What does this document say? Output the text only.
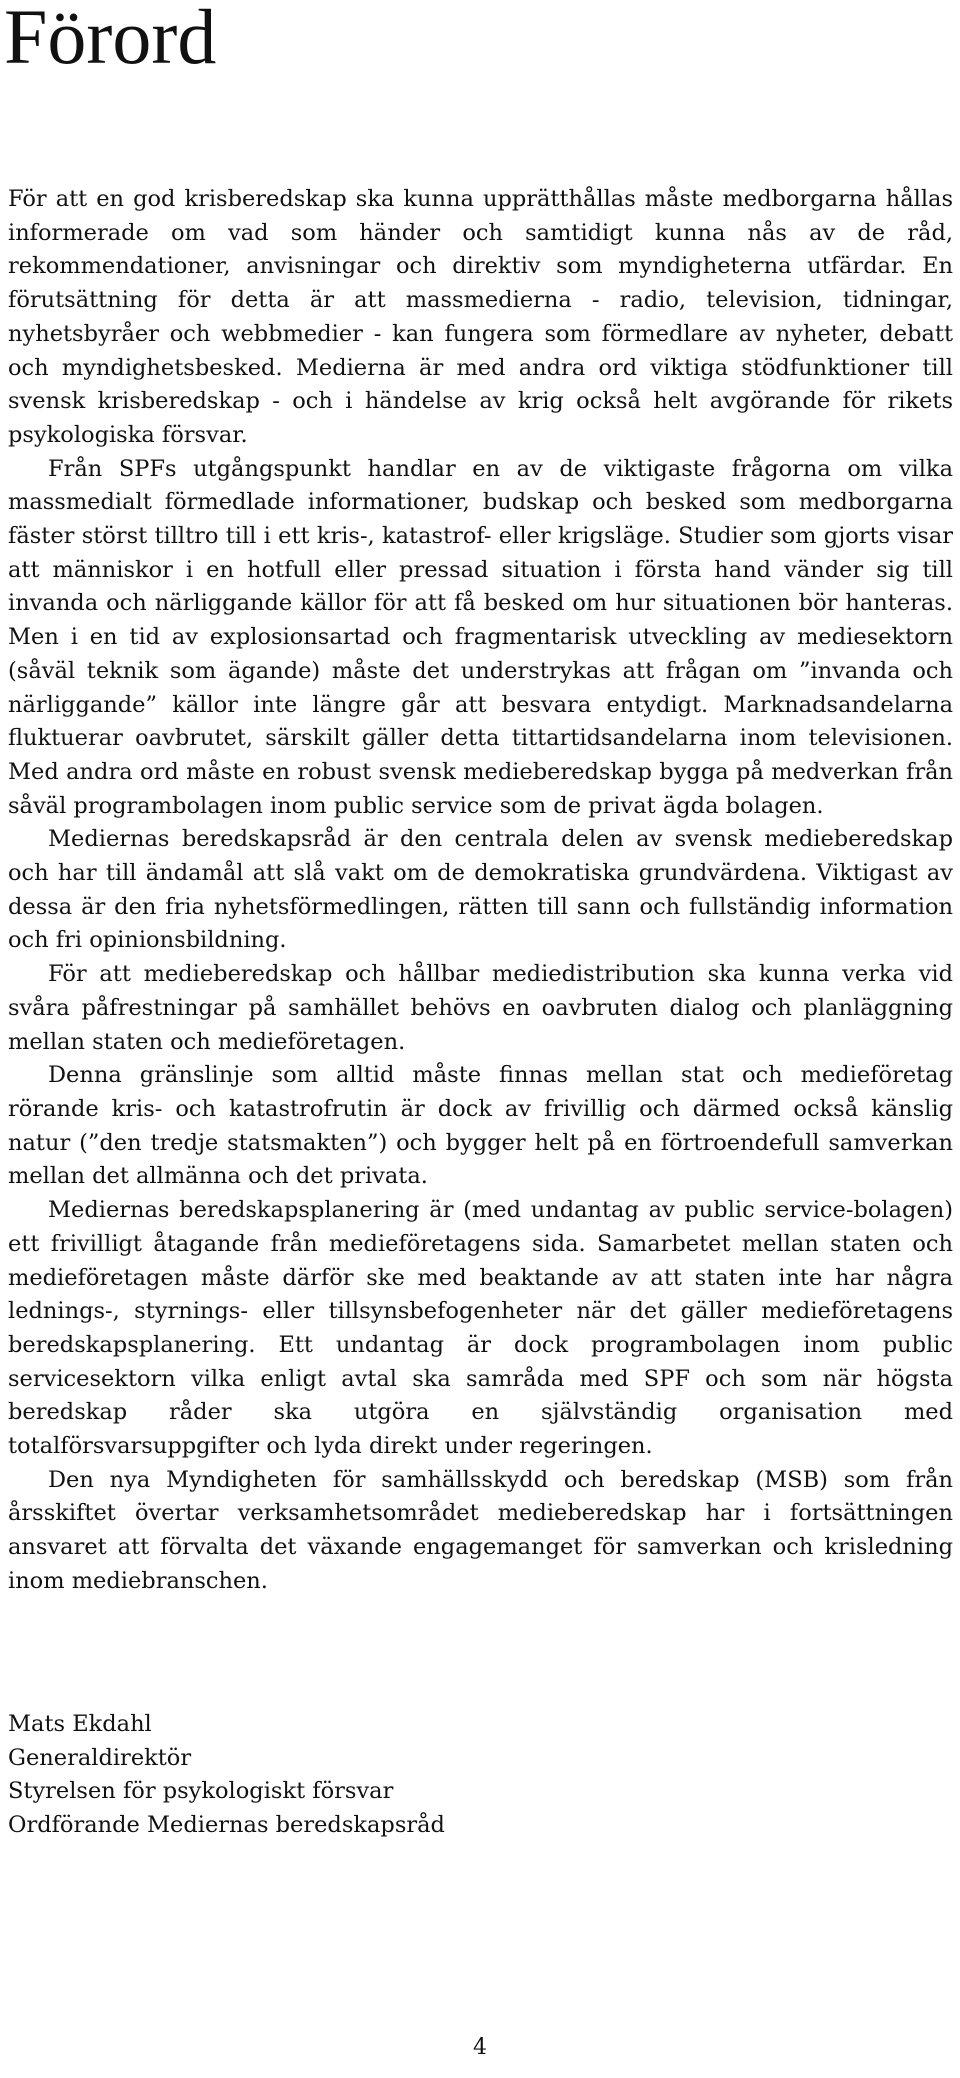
Förord

För att en god krisberedskap ska kunna upprätthållas måste medborgarna hållas informerade om vad som händer och samtidigt kunna nås av de råd, rekommendationer, anvisningar och direktiv som myndigheterna utfärdar. En förutsättning för detta är att massmedierna - radio, television, tidningar, nyhetsbyråer och webbmedier - kan fungera som förmedlare av nyheter, debatt och myndighetsbesked. Medierna är med andra ord viktiga stödfunktioner till svensk krisberedskap - och i händelse av krig också helt avgörande för rikets psykologiska försvar.

Från SPFs utgångspunkt handlar en av de viktigaste frågorna om vilka massmedialt förmedlade informationer, budskap och besked som medborgarna fäster störst tilltro till i ett kris-, katastrof- eller krigsläge. Studier som gjorts visar att människor i en hotfull eller pressad situation i första hand vänder sig till invanda och närliggande källor för att få besked om hur situationen bör hanteras. Men i en tid av explosionsartad och fragmentarisk utveckling av mediesektorn (såväl teknik som ägande) måste det understrykas att frågan om ”invanda och närliggande” källor inte längre går att besvara entydigt. Marknadsandelarna fluktuerar oavbrutet, särskilt gäller detta tittartidsandelarna inom televisionen. Med andra ord måste en robust svensk medieberedskap bygga på medverkan från såväl programbolagen inom public service som de privat ägda bolagen.

Mediernas beredskapsråd är den centrala delen av svensk medieberedskap och har till ändamål att slå vakt om de demokratiska grundvärdena. Viktigast av dessa är den fria nyhetsförmedlingen, rätten till sann och fullständig information och fri opinionsbildning.

För att medieberedskap och hållbar mediedistribution ska kunna verka vid svåra påfrestningar på samhället behövs en oavbruten dialog och planläggning mellan staten och medieföretagen.

Denna gränslinje som alltid måste finnas mellan stat och medieföretag rörande kris- och katastrofrutin är dock av frivillig och därmed också känslig natur (”den tredje statsmakten”) och bygger helt på en förtroendefull samverkan mellan det allmänna och det privata.

Mediernas beredskapsplanering är (med undantag av public service-bolagen) ett frivilligt åtagande från medieföretagens sida. Samarbetet mellan staten och medieföretagen måste därför ske med beaktande av att staten inte har några lednings-, styrnings- eller tillsynsbefogenheter när det gäller medieföretagens beredskapsplanering. Ett undantag är dock programbolagen inom public servicesektorn vilka enligt avtal ska samråda med SPF och som när högsta beredskap råder ska utgöra en självständig organisation med totalförsvarsuppgifter och lyda direkt under regeringen.

Den nya Myndigheten för samhällsskydd och beredskap (MSB) som från årsskiftet övertar verksamhetsområdet medieberedskap har i fortsättningen ansvaret att förvalta det växande engagemanget för samverkan och krisledning inom mediebranschen.

Mats Ekdahl
Generaldirektör
Styrelsen för psykologiskt försvar
Ordförande Mediernas beredskapsråd
4
